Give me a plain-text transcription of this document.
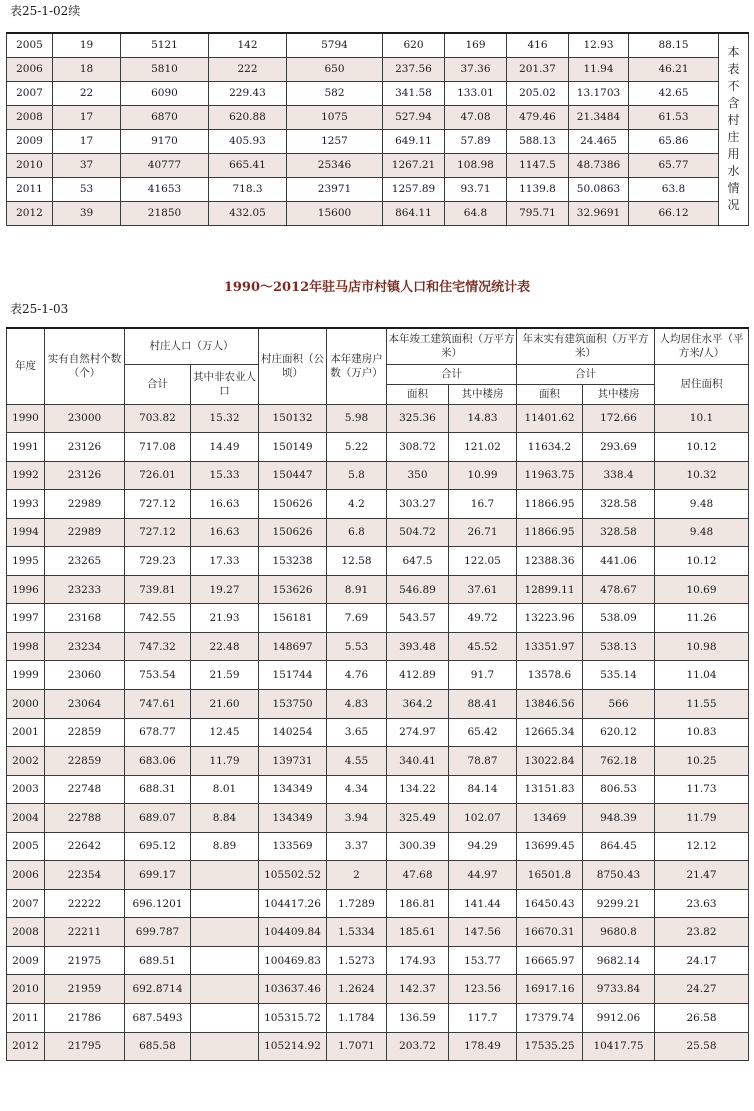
表25-1-02续
2005	19	5121	142	5794	620	169	416	12.93	88.15	本表不含村庄用水情况

2006	18	5810	222	650	237.56	37.36	201.37	11.94	46.21	
2007	22	6090	229.43	582	341.58	133.01	205.02	13.1703	42.65	
2008	17	6870	620.88	1075	527.94	47.08	479.46	21.3484	61.53	
2009	17	9170	405.93	1257	649.11	57.89	588.13	24.465	65.86	
2010	37	40777	665.41	25346	1267.21	108.98	1147.5	48.7386	65.77	
2011	53	41653	718.3	23971	1257.89	93.71	1139.8	50.0863	63.8	
2012	39	21850	432.05	15600	864.11	64.8	795.71	32.9691	66.12	
1990～2012年驻马店市村镇人口和住宅情况统计表
表25-1-03
年度	实有自然村个数（个）	村庄人口（万人）		村庄面积（公顷）	本年建房户数（万户）	本年竣工建筑面积（万平方米）		年末实有建筑面积（万平方米）		人均居住水平（平方米/人）
		合计	其中非农业人口			合计		合计		居住面积
						面积	其中楼房	面积	其中楼房	
1990	23000	703.82	15.32	150132	5.98	325.36	14.83	11401.62	172.66	10.1
1991	23126	717.08	14.49	150149	5.22	308.72	121.02	11634.2	293.69	10.12
1992	23126	726.01	15.33	150447	5.8	350	10.99	11963.75	338.4	10.32
1993	22989	727.12	16.63	150626	4.2	303.27	16.7	11866.95	328.58	9.48
1994	22989	727.12	16.63	150626	6.8	504.72	26.71	11866.95	328.58	9.48
1995	23265	729.23	17.33	153238	12.58	647.5	122.05	12388.36	441.06	10.12
1996	23233	739.81	19.27	153626	8.91	546.89	37.61	12899.11	478.67	10.69
1997	23168	742.55	21.93	156181	7.69	543.57	49.72	13223.96	538.09	11.26
1998	23234	747.32	22.48	148697	5.53	393.48	45.52	13351.97	538.13	10.98
1999	23060	753.54	21.59	151744	4.76	412.89	91.7	13578.6	535.14	11.04
2000	23064	747.61	21.60	153750	4.83	364.2	88.41	13846.56	566	11.55
2001	22859	678.77	12.45	140254	3.65	274.97	65.42	12665.34	620.12	10.83
2002	22859	683.06	11.79	139731	4.55	340.41	78.87	13022.84	762.18	10.25
2003	22748	688.31	8.01	134349	4.34	134.22	84.14	13151.83	806.53	11.73
2004	22788	689.07	8.84	134349	3.94	325.49	102.07	13469	948.39	11.79
2005	22642	695.12	8.89	133569	3.37	300.39	94.29	13699.45	864.45	12.12
2006	22354	699.17		105502.52	2	47.68	44.97	16501.8	8750.43	21.47
2007	22222	696.1201		104417.26	1.7289	186.81	141.44	16450.43	9299.21	23.63
2008	22211	699.787		104409.84	1.5334	185.61	147.56	16670.31	9680.8	23.82
2009	21975	689.51		100469.83	1.5273	174.93	153.77	16665.97	9682.14	24.17
2010	21959	692.8714		103637.46	1.2624	142.37	123.56	16917.16	9733.84	24.27
2011	21786	687.5493		105315.72	1.1784	136.59	117.7	17379.74	9912.06	26.58
2012	21795	685.58		105214.92	1.7071	203.72	178.49	17535.25	10417.75	25.58
